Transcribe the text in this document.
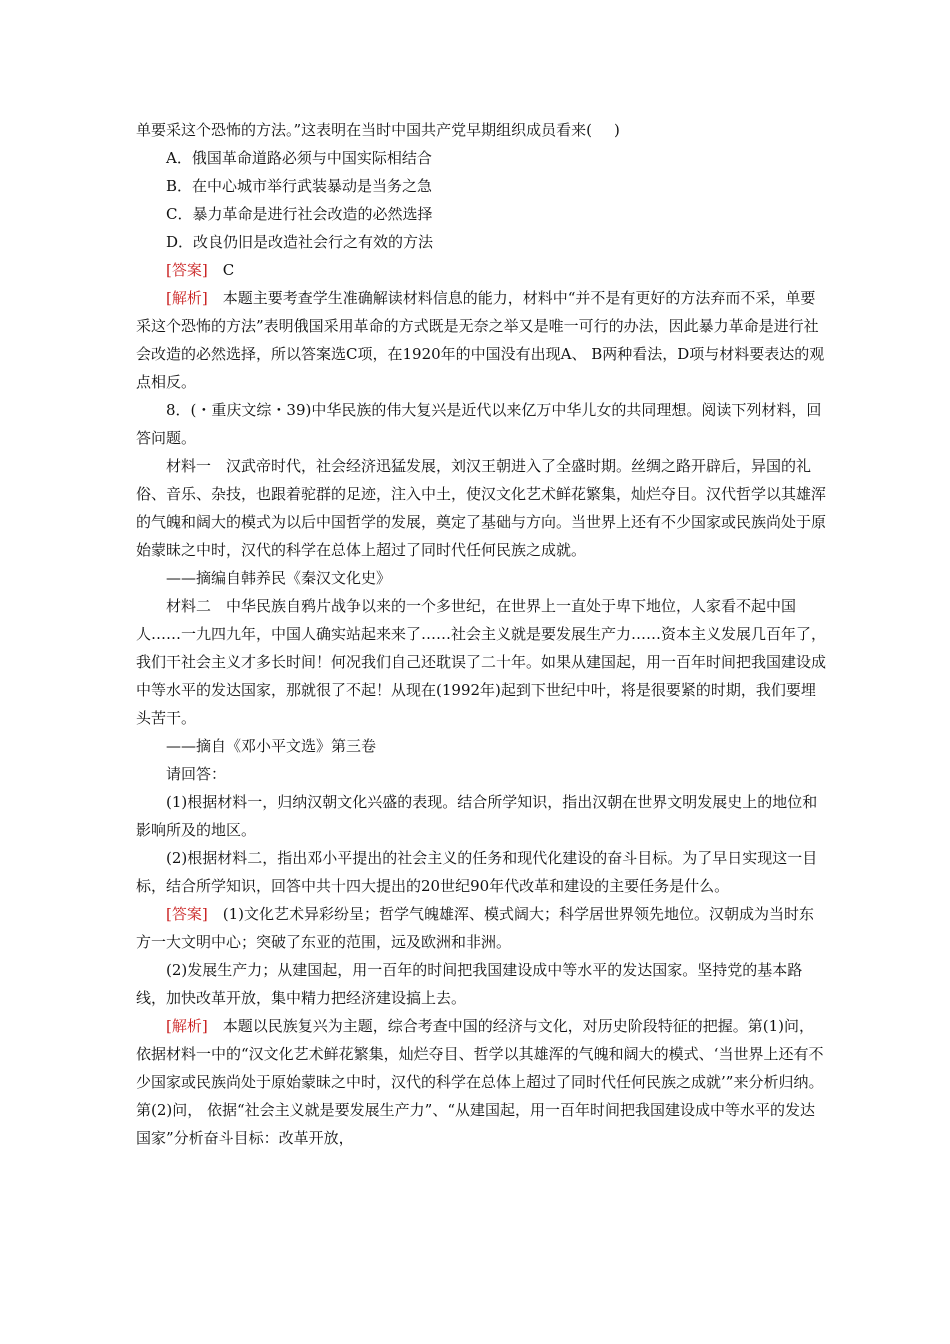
单要采这个恐怖的方法。”这表明在当时中国共产党早期组织成员看来( )

A．俄国革命道路必须与中国实际相结合

B．在中心城市举行武装暴动是当务之急

C．暴力革命是进行社会改造的必然选择

D．改良仍旧是改造社会行之有效的方法

[答案]　 C

[解析]　 本题主要考查学生准确解读材料信息的能力，材料中“并不是有更好的方法弃而不采，单要采这个恐怖的方法”表明俄国采用革命的方式既是无奈之举又是唯一可行的办法，因此暴力革命是进行社会改造的必然选择，所以答案选C项，在1920年的中国没有出现A、 B两种看法，D项与材料要表达的观点相反。

8．(・重庆文综・39)中华民族的伟大复兴是近代以来亿万中华儿女的共同理想。阅读下列材料，回答问题。

材料一　汉武帝时代，社会经济迅猛发展，刘汉王朝进入了全盛时期。丝绸之路开辟后，异国的礼俗、音乐、杂技，也跟着驼群的足迹，注入中土，使汉文化艺术鲜花繁集，灿烂夺目。汉代哲学以其雄浑的气魄和阔大的模式为以后中国哲学的发展，奠定了基础与方向。当世界上还有不少国家或民族尚处于原始蒙昧之中时，汉代的科学在总体上超过了同时代任何民族之成就。

——摘编自韩养民《秦汉文化史》

材料二　中华民族自鸦片战争以来的一个多世纪，在世界上一直处于卑下地位，人家看不起中国人……一九四九年，中国人确实站起来来了……社会主义就是要发展生产力……资本主义发展几百年了，我们干社会主义才多长时间！何况我们自己还耽误了二十年。如果从建国起，用一百年时间把我国建设成中等水平的发达国家，那就很了不起！从现在(1992年)起到下世纪中叶，将是很要紧的时期，我们要埋头苦干。

——摘自《邓小平文选》第三卷

请回答：

(1)根据材料一，归纳汉朝文化兴盛的表现。结合所学知识，指出汉朝在世界文明发展史上的地位和影响所及的地区。

(2)根据材料二，指出邓小平提出的社会主义的任务和现代化建设的奋斗目标。为了早日实现这一目标，结合所学知识，回答中共十四大提出的20世纪90年代改革和建设的主要任务是什么。

[答案]　 (1)文化艺术异彩纷呈；哲学气魄雄浑、模式阔大；科学居世界领先地位。汉朝成为当时东方一大文明中心；突破了东亚的范围，远及欧洲和非洲。

(2)发展生产力；从建国起，用一百年的时间把我国建设成中等水平的发达国家。坚持党的基本路线，加快改革开放，集中精力把经济建设搞上去。

[解析]　 本题以民族复兴为主题，综合考查中国的经济与文化，对历史阶段特征的把握。第(1)问，依据材料一中的“汉文化艺术鲜花繁集，灿烂夺目、哲学以其雄浑的气魄和阔大的模式、‘当世界上还有不少国家或民族尚处于原始蒙昧之中时，汉代的科学在总体上超过了同时代任何民族之成就’”来分析归纳。第(2)问， 依据“社会主义就是要发展生产力”、“从建国起，用一百年时间把我国建设成中等水平的发达国家”分析奋斗目标：改革开放，
